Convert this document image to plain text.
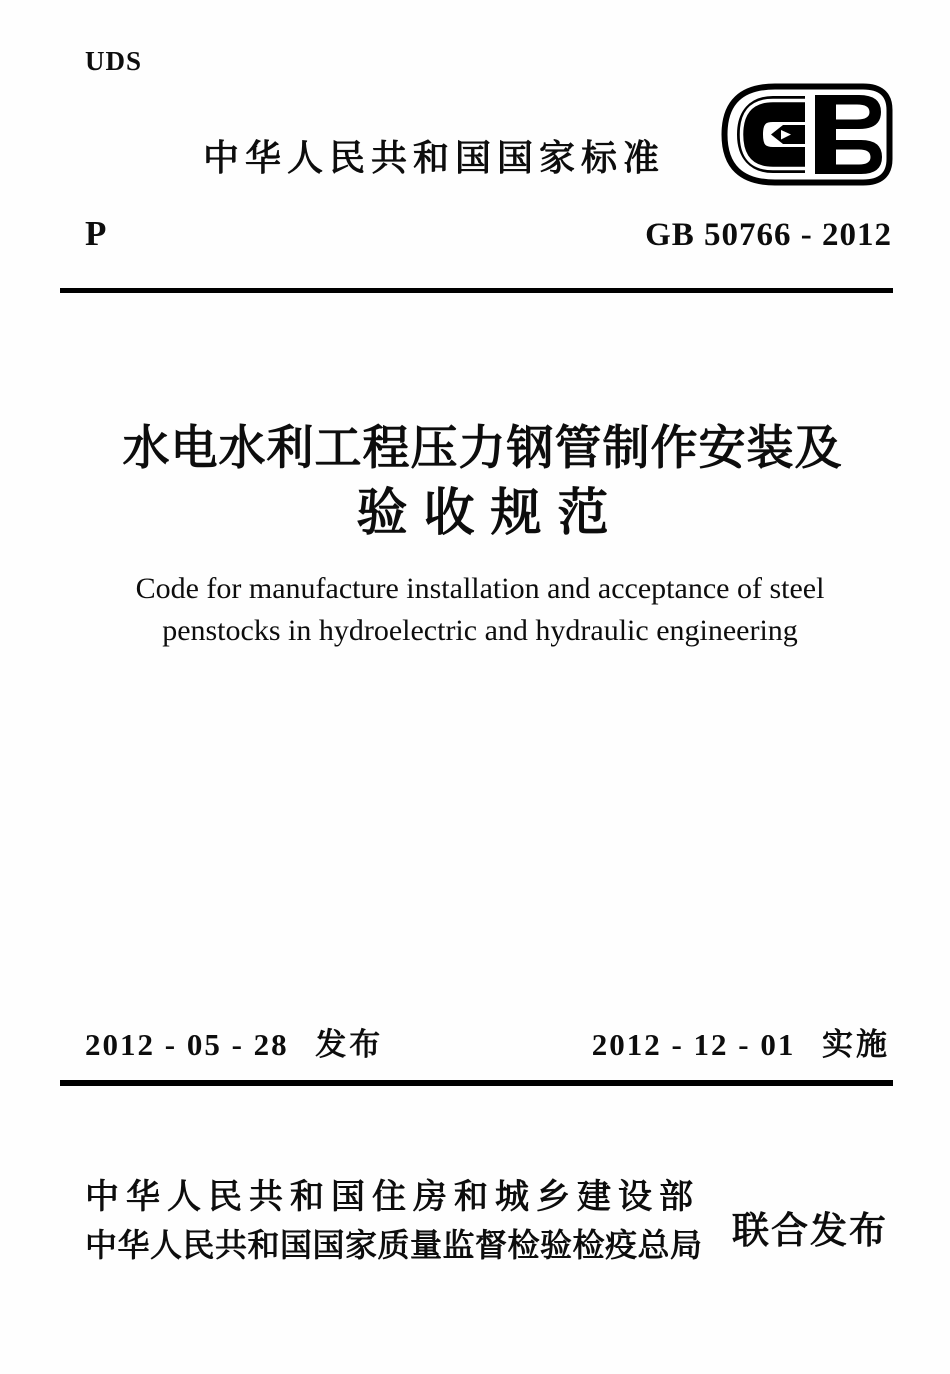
UDS
中华人民共和国国家标准
P	GB 50766 - 2012
水电水利工程压力钢管制作安装及
验收规范
Code for manufacture installation and acceptance of steel
penstocks in hydroelectric and hydraulic engineering
2012 - 05 - 28 发布	2012 - 12 - 01 实施
中华人民共和国住房和城乡建设部
中华人民共和国国家质量监督检验检疫总局 联合发布
